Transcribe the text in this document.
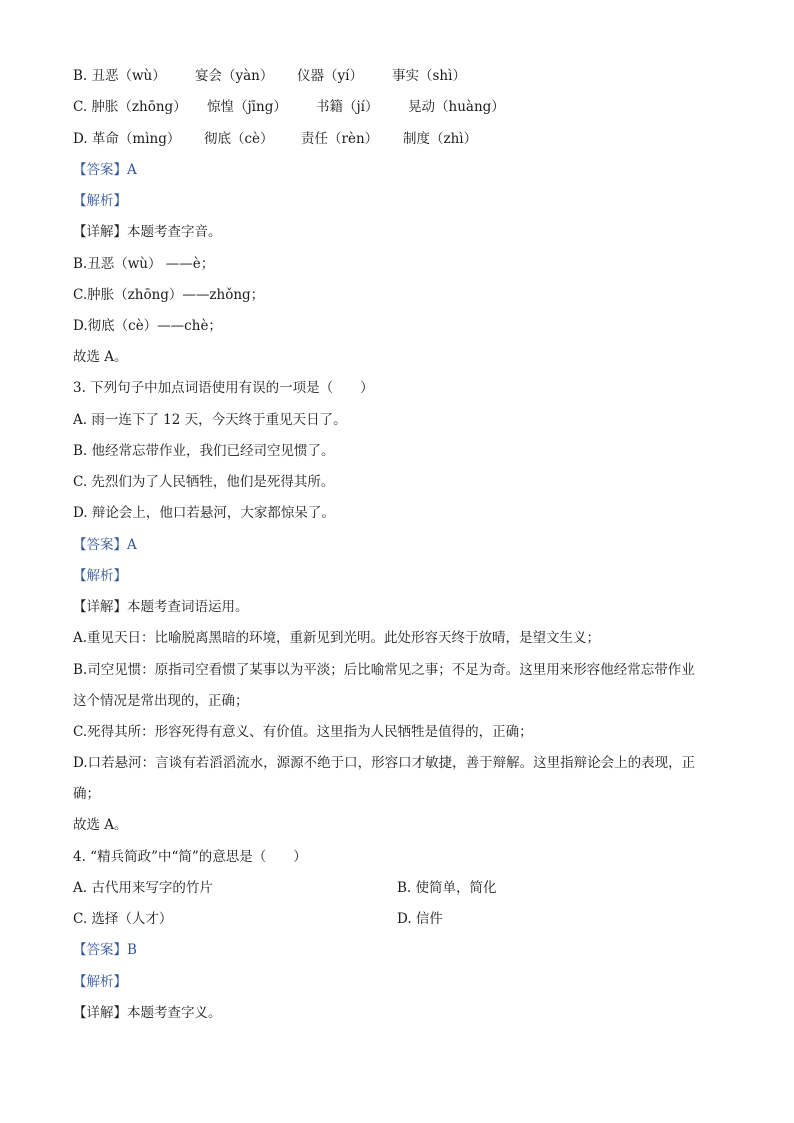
B. 丑恶（wù） 宴会（yàn） 仪器（yí） 事实（shì）
C. 肿胀（zhōng） 惊惶（jīng） 书籍（jí） 晃动（huàng）
D. 革命（mìng） 彻底（cè） 责任（rèn） 制度（zhì）
【答案】A
【解析】
【详解】本题考查字音。
B.丑恶（wù） ——è；
C.肿胀（zhōng）——zhǒng；
D.彻底（cè）——chè；
故选 A。
3. 下列句子中加点词语使用有误的一项是（　　）
A. 雨一连下了 12 天，今天终于重见天日了。
B. 他经常忘带作业，我们已经司空见惯了。
C. 先烈们为了人民牺牲，他们是死得其所。
D. 辩论会上，他口若悬河，大家都惊呆了。
【答案】A
【解析】
【详解】本题考查词语运用。
A.重见天日：比喻脱离黑暗的环境，重新见到光明。此处形容天终于放晴，是望文生义；
B.司空见惯：原指司空看惯了某事以为平淡；后比喻常见之事；不足为奇。这里用来形容他经常忘带作业
这个情况是常出现的，正确；
C.死得其所：形容死得有意义、有价值。这里指为人民牺牲是值得的，正确；
D.口若悬河：言谈有若滔滔流水，源源不绝于口，形容口才敏捷，善于辩解。这里指辩论会上的表现，正
确；
故选 A。
4. “精兵简政”中“简”的意思是（　　）
A. 古代用来写字的竹片	B. 使简单，简化
C. 选择（人才）	D. 信件
【答案】B
【解析】
【详解】本题考查字义。
